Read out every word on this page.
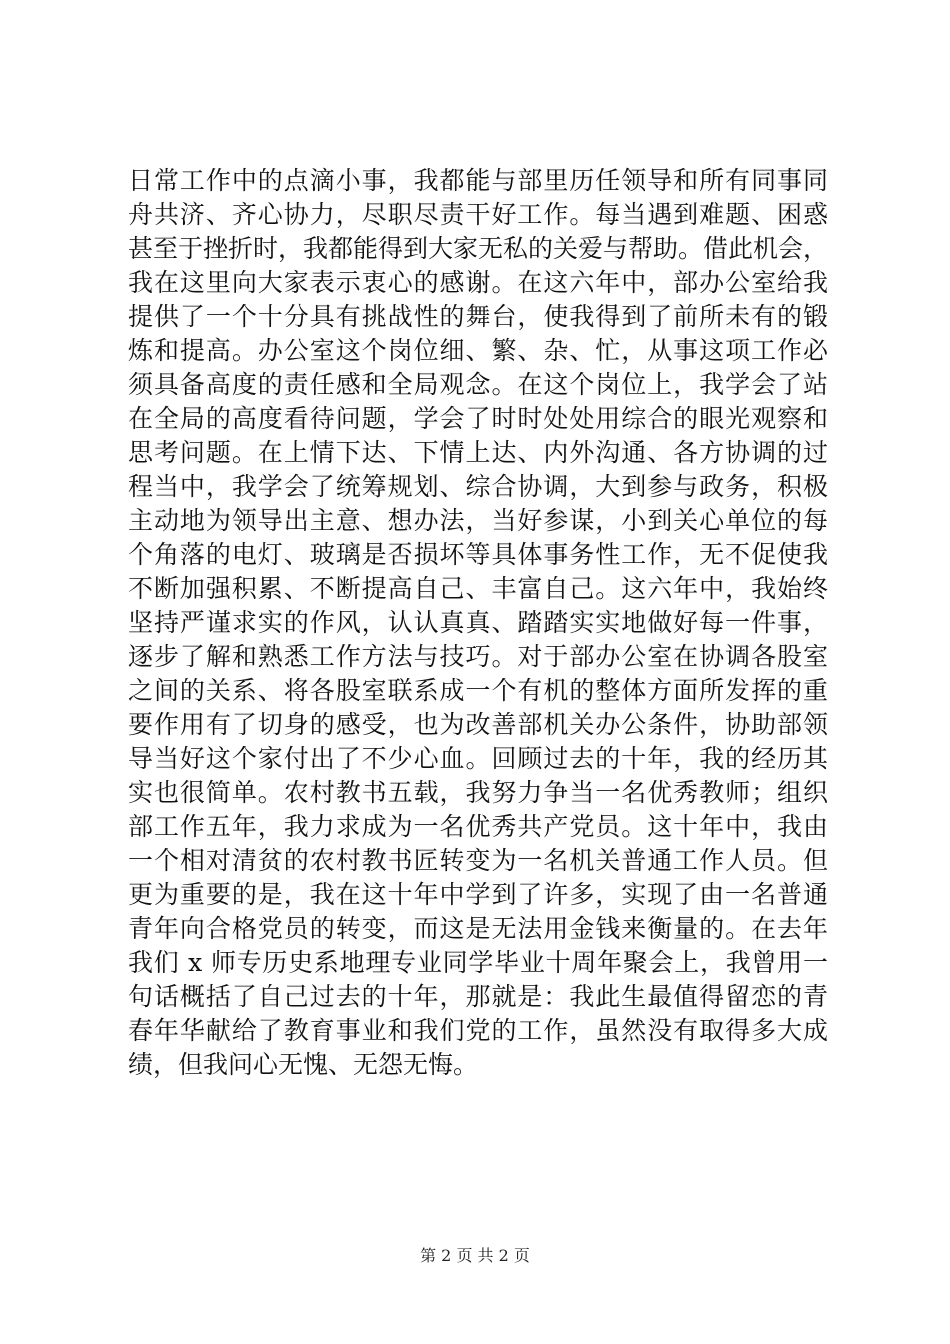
日常工作中的点滴小事，我都能与部里历任领导和所有同事同
舟共济、齐心协力，尽职尽责干好工作。每当遇到难题、困惑
甚至于挫折时，我都能得到大家无私的关爱与帮助。借此机会，
我在这里向大家表示衷心的感谢。在这六年中，部办公室给我
提供了一个十分具有挑战性的舞台，使我得到了前所未有的锻
炼和提高。办公室这个岗位细、繁、杂、忙，从事这项工作必
须具备高度的责任感和全局观念。在这个岗位上，我学会了站
在全局的高度看待问题，学会了时时处处用综合的眼光观察和
思考问题。在上情下达、下情上达、内外沟通、各方协调的过
程当中，我学会了统筹规划、综合协调，大到参与政务，积极
主动地为领导出主意、想办法，当好参谋，小到关心单位的每
个角落的电灯、玻璃是否损坏等具体事务性工作，无不促使我
不断加强积累、不断提高自己、丰富自己。这六年中，我始终
坚持严谨求实的作风，认认真真、踏踏实实地做好每一件事，
逐步了解和熟悉工作方法与技巧。对于部办公室在协调各股室
之间的关系、将各股室联系成一个有机的整体方面所发挥的重
要作用有了切身的感受，也为改善部机关办公条件，协助部领
导当好这个家付出了不少心血。回顾过去的十年，我的经历其
实也很简单。农村教书五载，我努力争当一名优秀教师；组织
部工作五年，我力求成为一名优秀共产党员。这十年中，我由
一个相对清贫的农村教书匠转变为一名机关普通工作人员。但
更为重要的是，我在这十年中学到了许多，实现了由一名普通
青年向合格党员的转变，而这是无法用金钱来衡量的。在去年
我们 x 师专历史系地理专业同学毕业十周年聚会上，我曾用一
句话概括了自己过去的十年，那就是：我此生最值得留恋的青
春年华献给了教育事业和我们党的工作，虽然没有取得多大成
绩，但我问心无愧、无怨无悔。
第 2 页 共 2 页
